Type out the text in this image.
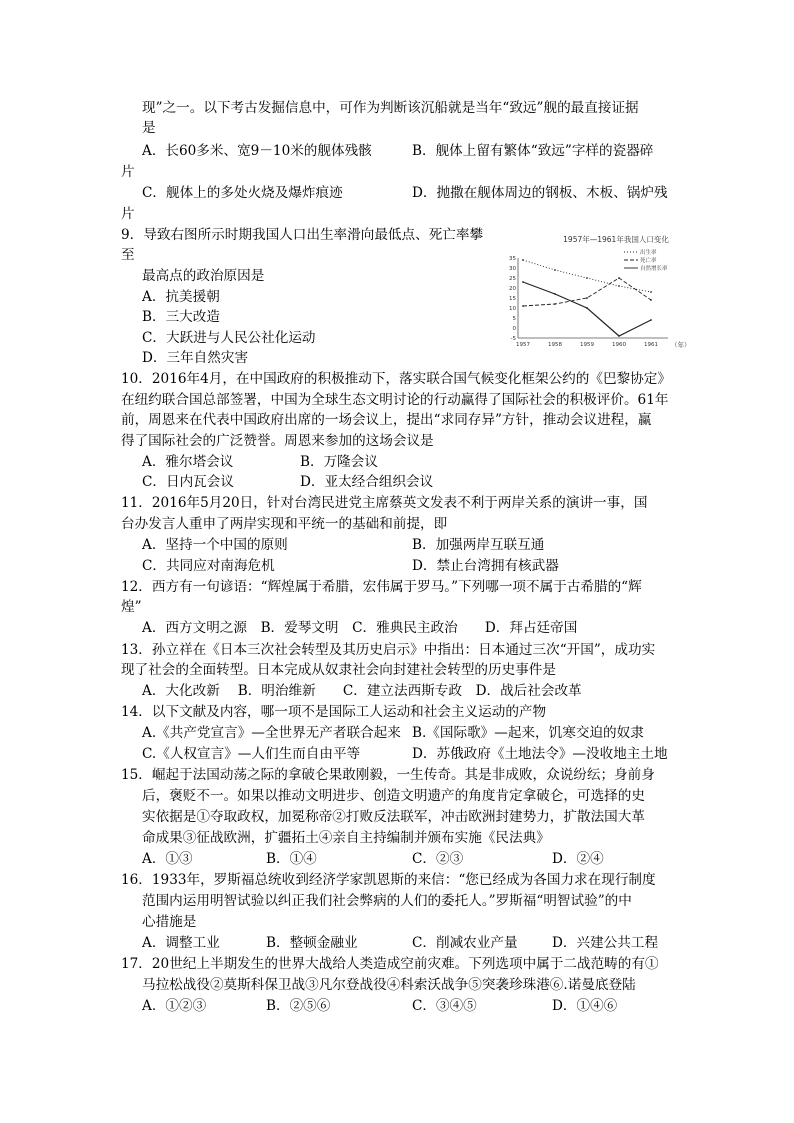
现”之一。以下考古发掘信息中，可作为判断该沉船就是当年“致远”舰的最直接证据
是
A．长60多米、宽9－10米的舰体残骸	B．舰体上留有繁体“致远”字样的瓷器碎
片
C．舰体上的多处火烧及爆炸痕迹	D．抛撒在舰体周边的钢板、木板、锅炉残
片
9．导致右图所示时期我国人口出生率滑向最低点、死亡率攀
至
最高点的政治原因是
A．抗美援朝
B．三大改造
C．大跃进与人民公社化运动
D．三年自然灾害
1957年—1961年我国人口变化
-5
0
5
10
15
20
25
30
35
1957	1958	1959	1960	1961
出生率
死亡率
自然增长率
（年）
10．2016年4月，在中国政府的积极推动下，落实联合国气候变化框架公约的《巴黎协定》
在纽约联合国总部签署，中国为全球生态文明讨论的行动赢得了国际社会的积极评价。61年
前，周恩来在代表中国政府出席的一场会议上，提出“求同存异”方针，推动会议进程，赢
得了国际社会的广泛赞誉。周恩来参加的这场会议是
A．雅尔塔会议	B．万隆会议
C．日内瓦会议	D．亚太经合组织会议
11．2016年5月20日，针对台湾民进党主席蔡英文发表不利于两岸关系的演讲一事，国
台办发言人重申了两岸实现和平统一的基础和前提，即
A．坚持一个中国的原则	B．加强两岸互联互通
C．共同应对南海危机	D．禁止台湾拥有核武器
12．西方有一句谚语：“辉煌属于希腊，宏伟属于罗马。”下列哪一项不属于古希腊的“辉
煌”
A．西方文明之源　B．爱琴文明　C．雅典民主政治　　D．拜占廷帝国
13．孙立祥在《日本三次社会转型及其历史启示》中指出：日本通过三次“开国”，成功实
现了社会的全面转型。日本完成从奴隶社会向封建社会转型的历史事件是
A．大化改新　 B．明治维新　　C．建立法西斯专政　D．战后社会改革
14．以下文献及内容，哪一项不是国际工人运动和社会主义运动的产物
A.《共产党宣言》—全世界无产者联合起来 B.《国际歌》—起来，饥寒交迫的奴隶
C.《人权宣言》—人们生而自由平等	D．苏俄政府《土地法令》—没收地主土地
15．崛起于法国动荡之际的拿破仑果敢刚毅，一生传奇。其是非成败，众说纷纭；身前身
后，褒贬不一。如果以推动文明进步、创造文明遗产的角度肯定拿破仑，可选择的史
实依据是①夺取政权，加冕称帝②打败反法联军，冲击欧洲封建势力，扩散法国大革
命成果③征战欧洲，扩疆拓土④亲自主持编制并颁布实施《民法典》
A．①③	B．①④	C．②③	D．②④
16．1933年，罗斯福总统收到经济学家凯恩斯的来信：“您已经成为各国力求在现行制度
范围内运用明智试验以纠正我们社会弊病的人们的委托人。”罗斯福“明智试验”的中
心措施是
A．调整工业	B．整顿金融业	C．削减农业产量	D．兴建公共工程
17．20世纪上半期发生的世界大战给人类造成空前灾难。下列选项中属于二战范畴的有①
马拉松战役②莫斯科保卫战③凡尔登战役④科索沃战争⑤突袭珍珠港⑥.诺曼底登陆
A．①②③	B．②⑤⑥	C．③④⑤	D．①④⑥
